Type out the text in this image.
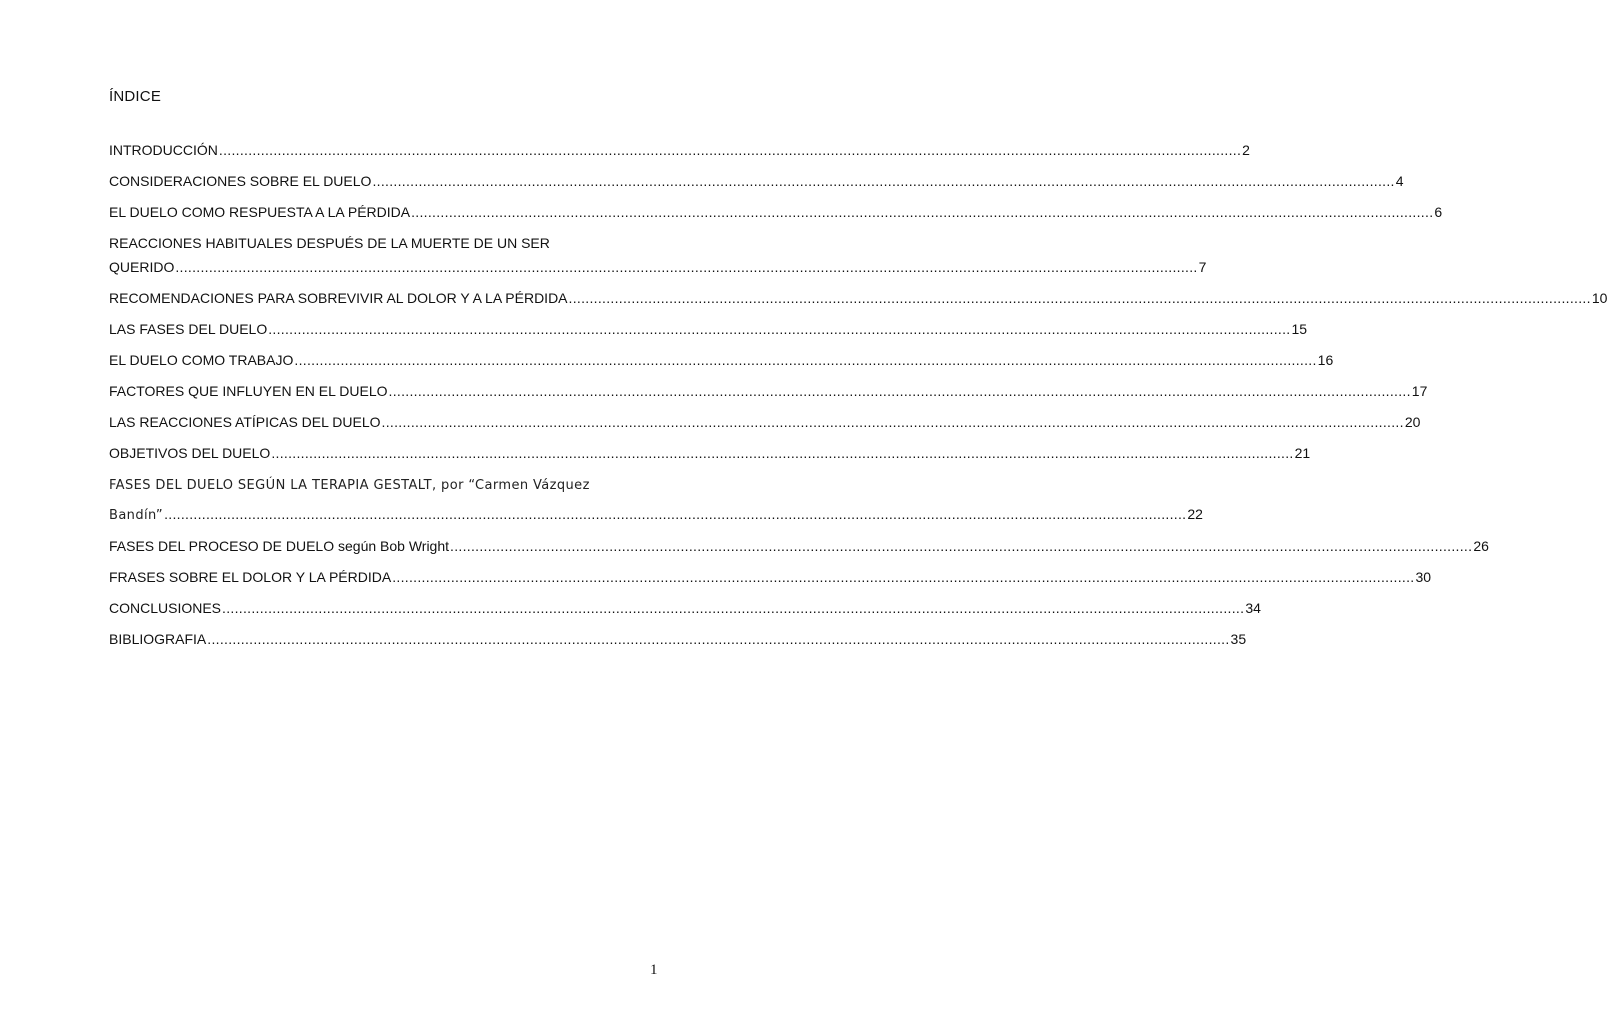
ÍNDICE
INTRODUCCIÓN .................................................................................................................................................................................................................................................... 2
CONSIDERACIONES SOBRE EL DUELO .................................................................................................................................................................................................................................................... 4
EL DUELO COMO RESPUESTA A LA PÉRDIDA .................................................................................................................................................................................................................................................... 6
REACCIONES HABITUALES DESPUÉS DE LA MUERTE DE UN SER
QUERIDO .................................................................................................................................................................................................................................................... 7
RECOMENDACIONES PARA SOBREVIVIR AL DOLOR Y A LA PÉRDIDA .................................................................................................................................................................................................................................................... 10
LAS FASES DEL DUELO .................................................................................................................................................................................................................................................... 15
EL DUELO COMO TRABAJO .................................................................................................................................................................................................................................................... 16
FACTORES QUE INFLUYEN EN EL DUELO .................................................................................................................................................................................................................................................... 17
LAS REACCIONES ATÍPICAS DEL DUELO .................................................................................................................................................................................................................................................... 20
OBJETIVOS DEL DUELO .................................................................................................................................................................................................................................................... 21
FASES DEL DUELO SEGÚN LA TERAPIA GESTALT, por “Carmen Vázquez
Bandín” .................................................................................................................................................................................................................................................... 22
FASES DEL PROCESO DE DUELO según Bob Wright .................................................................................................................................................................................................................................................... 26
FRASES SOBRE EL DOLOR Y LA PÉRDIDA .................................................................................................................................................................................................................................................... 30
CONCLUSIONES .................................................................................................................................................................................................................................................... 34
BIBLIOGRAFIA .................................................................................................................................................................................................................................................... 35
1
